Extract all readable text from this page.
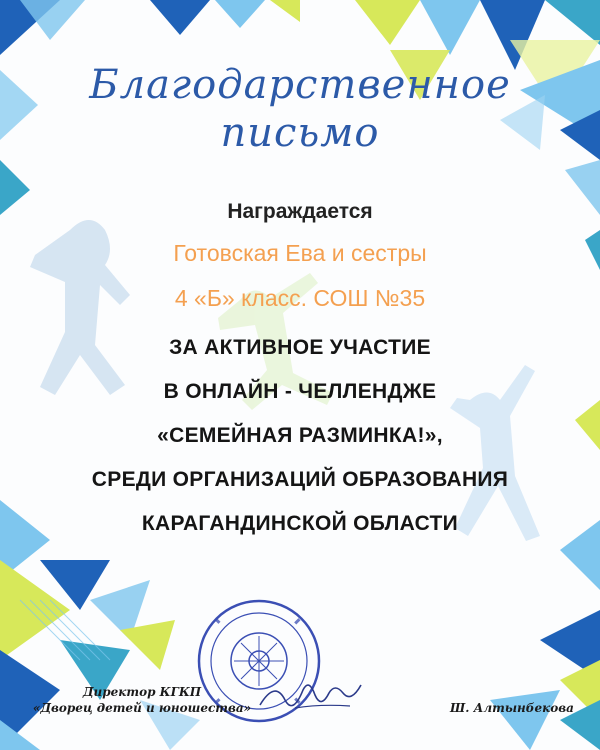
Благодарственное
письмо
Награждается
Готовская Ева и сестры
4 «Б» класс. СОШ №35
ЗА АКТИВНОЕ УЧАСТИЕ
В ОНЛАЙН - ЧЕЛЛЕНДЖЕ
«СЕМЕЙНАЯ РАЗМИНКА!»,
СРЕДИ ОРГАНИЗАЦИЙ ОБРАЗОВАНИЯ
КАРАГАНДИНСКОЙ ОБЛАСТИ
Директор КГКП
«Дворец детей и юношества»	Ш. Алтынбекова
